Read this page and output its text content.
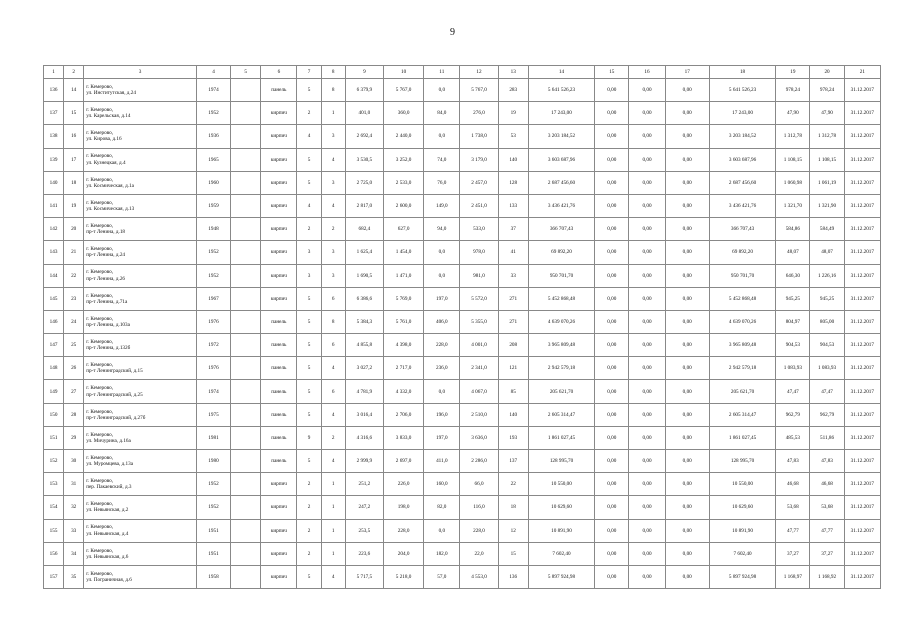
9
1	2	3	4	5	6	7	8	9	10	11	12	13	14	15	16	17	18	19	20	21
136	14	г. Кемерово,
ул. Институтская, д.24	1974		панель	5	8	6 379,9	5 767,0	0,0	5 767,0	283	5 641 526,23	0,00	0,00	0,00	5 641 526,23	978,24	978,24	31.12.2017
137	15	г. Кемерово,
ул. Карельская, д.14	1952		кирпич	2	1	401,0	360,0	84,0	276,0	19	17 243,00	0,00	0,00	0,00	17 243,00	47,90	47,90	31.12.2017
138	16	г. Кемерово,
ул. Кирова, д.16	1936		кирпич	4	3	2 692,4	2 440,0	0,0	1 738,0	53	3 203 184,52	0,00	0,00	0,00	3 203 184,52	1 312,78	1 312,78	31.12.2017
139	17	г. Кемерово,
ул. Кузнецкая, д.4	1965		кирпич	5	4	3 530,5	3 252,0	74,0	3 179,0	140	3 603 687,96	0,00	0,00	0,00	3 603 687,96	1 108,15	1 108,15	31.12.2017
140	18	г. Кемерово,
ул. Космическая, д.1а	1960		кирпич	5	3	2 725,0	2 533,0	76,0	2 457,0	128	2 687 456,60	0,00	0,00	0,00	2 687 456,60	1 060,98	1 061,19	31.12.2017
141	19	г. Кемерово,
ул. Космическая, д.13	1959		кирпич	4	4	2 817,0	2 600,0	149,0	2 451,0	133	3 436 421,76	0,00	0,00	0,00	3 436 421,76	1 321,70	1 321,90	31.12.2017
142	20	г. Кемерово,
пр-т Ленина, д.18	1948		кирпич	2	2	682,4	627,0	94,0	533,0	37	366 707,43	0,00	0,00	0,00	366 707,43	584,86	584,49	31.12.2017
143	21	г. Кемерово,
пр-т Ленина, д.24	1952		кирпич	3	3	1 625,4	1 454,0	0,0	978,0	41	69 892,20	0,00	0,00	0,00	69 892,20	48,07	48,07	31.12.2017
144	22	г. Кемерово,
пр-т Ленина, д.26	1952		кирпич	3	3	1 690,5	1 471,0	0,0	981,0	33	950 701,70	0,00	0,00	0,00	950 701,70	646,30	1 226,16	31.12.2017
145	23	г. Кемерово,
пр-т Ленина, д.71а	1967		кирпич	5	6	6 386,6	5 769,0	197,0	5 572,0	271	5 452 868,48	0,00	0,00	0,00	5 452 868,48	945,25	945,25	31.12.2017
146	24	г. Кемерово,
пр-т Ленина, д.103а	1976		панель	5	8	5 384,3	5 761,0	406,0	5 355,0	271	4 639 070,26	0,00	0,00	0,00	4 639 070,26	804,97	805,00	31.12.2017
147	25	г. Кемерово,
пр-т Ленина, д.132б	1972		панель	5	6	4 855,8	4 398,0	228,0	4 001,0	208	3 965 809,48	0,00	0,00	0,00	3 965 809,48	904,53	904,53	31.12.2017
148	26	г. Кемерово,
пр-т Ленинградский, д.15	1976		панель	5	4	3 027,2	2 717,0	236,0	2 341,0	121	2 942 579,18	0,00	0,00	0,00	2 942 579,18	1 083,93	1 083,93	31.12.2017
149	27	г. Кемерово,
пр-т Ленинградский, д.25	1974		панель	5	6	4 781,9	4 332,0	0,0	4 067,0	85	205 621,70	0,00	0,00	0,00	205 621,70	47,47	47,47	31.12.2017
150	28	г. Кемерово,
пр-т Ленинградский, д.27б	1975		панель	5	4	3 016,4	2 706,0	196,0	2 510,0	140	2 605 314,47	0,00	0,00	0,00	2 605 314,47	962,79	962,79	31.12.2017
151	29	г. Кемерово,
ул. Мичурина, д.16а	1981		панель	9	2	4 316,6	3 833,0	197,0	3 636,0	193	1 861 027,45	0,00	0,00	0,00	1 861 027,45	485,53	511,86	31.12.2017
152	30	г. Кемерово,
ул. Муромцева, д.13а	1980		панель	5	4	2 999,9	2 697,0	411,0	2 286,0	137	128 995,70	0,00	0,00	0,00	128 995,70	47,83	47,83	31.12.2017
153	31	г. Кемерово,
пер. Пакаевский, д.3	1952		кирпич	2	1	251,2	226,0	160,0	66,0	22	10 550,00	0,00	0,00	0,00	10 550,00	46,68	46,68	31.12.2017
154	32	г. Кемерово,
ул. Невьянская, д.2	1952		кирпич	2	1	247,2	198,0	82,0	116,0	18	10 629,60	0,00	0,00	0,00	10 629,60	53,68	53,68	31.12.2017
155	33	г. Кемерово,
ул. Невьянская, д.4	1951		кирпич	2	1	253,5	228,0	0,0	228,0	12	10 891,90	0,00	0,00	0,00	10 891,90	47,77	47,77	31.12.2017
156	34	г. Кемерово,
ул. Невьянская, д.6	1951		кирпич	2	1	223,6	204,0	182,0	22,0	15	7 602,40	0,00	0,00	0,00	7 602,40	37,27	37,27	31.12.2017
157	35	г. Кемерово,
ул. Пограничная, д.6	1958		кирпич	5	4	5 717,5	5 218,0	57,0	4 553,0	136	5 897 924,98	0,00	0,00	0,00	5 897 924,98	1 168,97	1 168,92	31.12.2017
